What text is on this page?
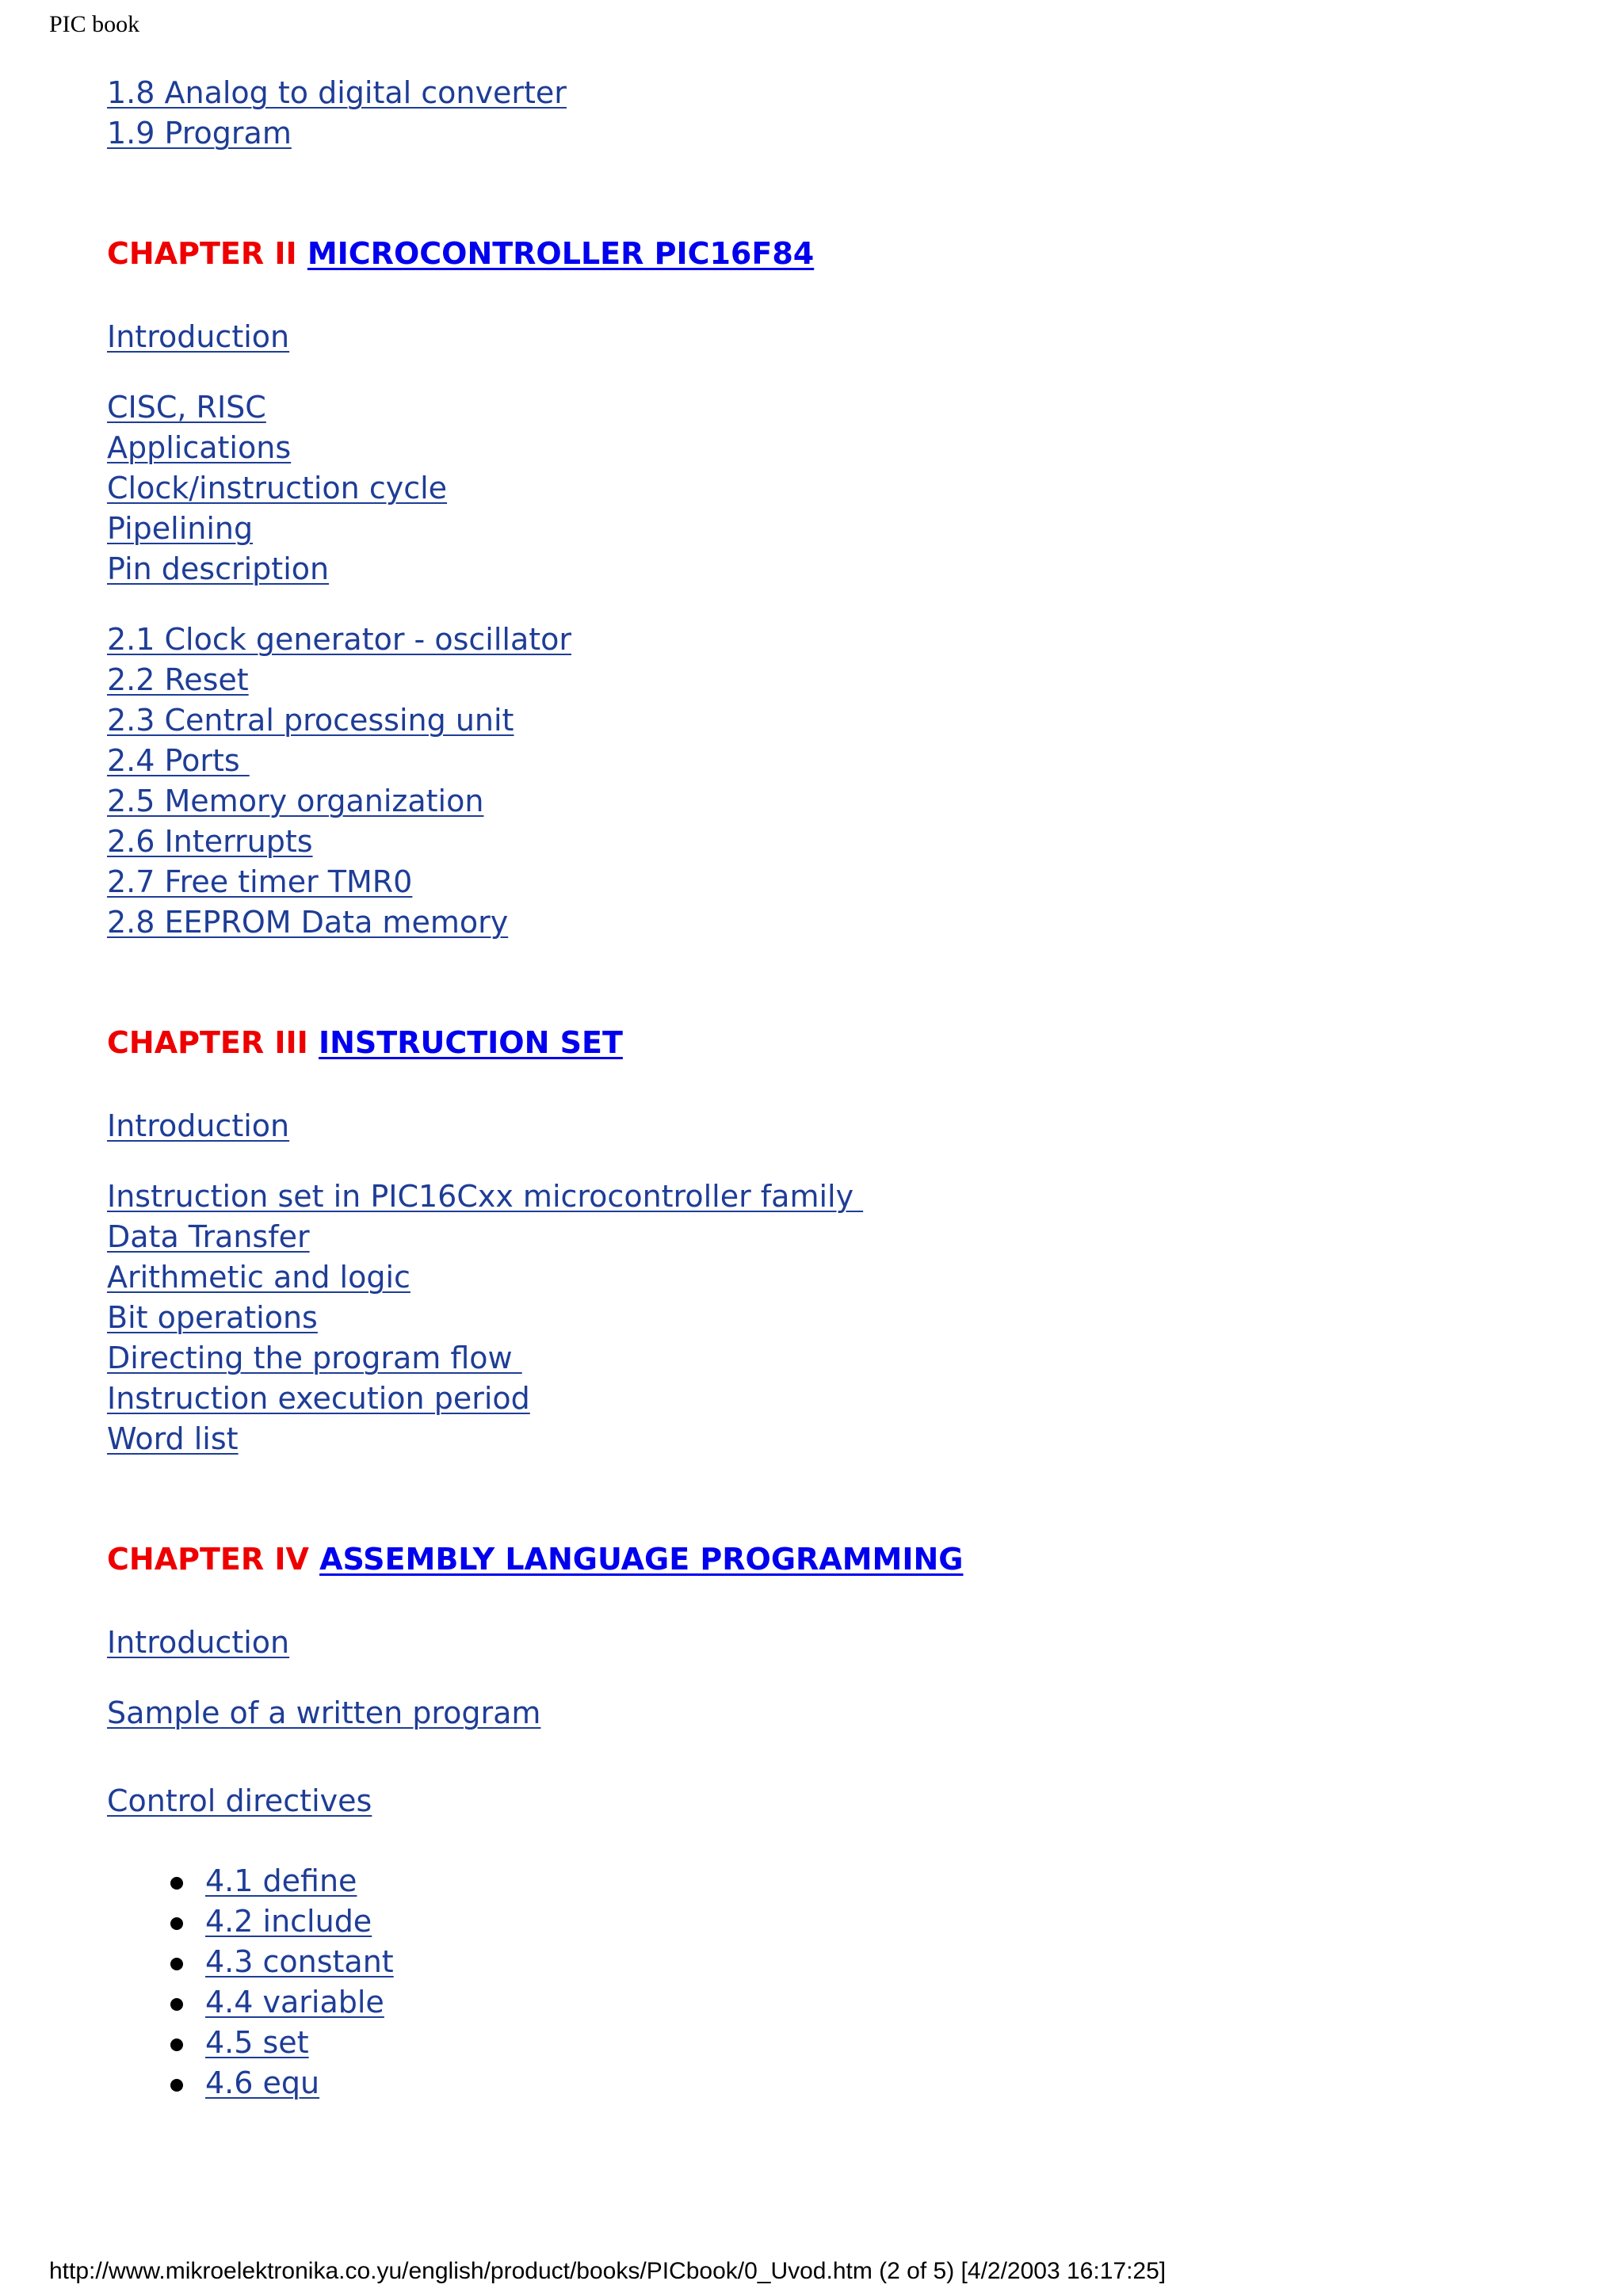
PIC book
1.8 Analog to digital converter
1.9 Program
CHAPTER II MICROCONTROLLER PIC16F84
Introduction
CISC, RISC
Applications
Clock/instruction cycle
Pipelining
Pin description
2.1 Clock generator - oscillator
2.2 Reset
2.3 Central processing unit
2.4 Ports
2.5 Memory organization
2.6 Interrupts
2.7 Free timer TMR0
2.8 EEPROM Data memory
CHAPTER III INSTRUCTION SET
Introduction
Instruction set in PIC16Cxx microcontroller family
Data Transfer
Arithmetic and logic
Bit operations
Directing the program flow
Instruction execution period
Word list
CHAPTER IV ASSEMBLY LANGUAGE PROGRAMMING
Introduction
Sample of a written program
Control directives
4.1 define
4.2 include
4.3 constant
4.4 variable
4.5 set
4.6 equ
http://www.mikroelektronika.co.yu/english/product/books/PICbook/0_Uvod.htm (2 of 5) [4/2/2003 16:17:25]
